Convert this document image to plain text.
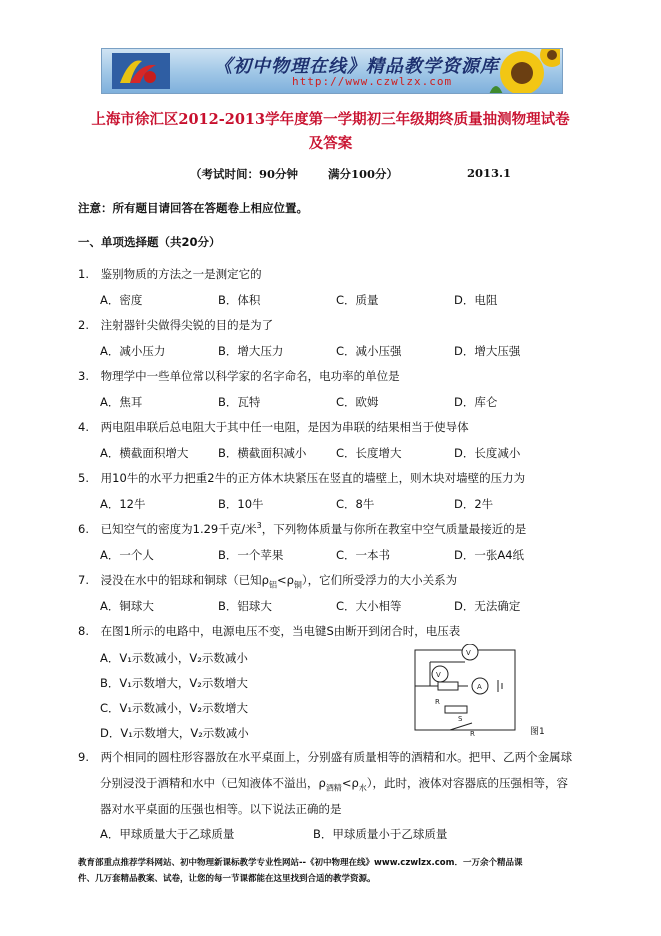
《初中物理在线》精品教学资源库
http://www.czwlzx.com
上海市徐汇区2012-2013学年度第一学期初三年级期终质量抽测物理试卷
及答案
（考试时间：90分钟	满分100分）	2013.1
注意：所有题目请回答在答题卷上相应位置。
一、单项选择题（共20分）
1. 鉴别物质的方法之一是测定它的
A．密度	B．体积	C．质量	D．电阻
2. 注射器针尖做得尖锐的目的是为了
A．减小压力	B．增大压力	C．减小压强	D．增大压强
3. 物理学中一些单位常以科学家的名字命名，电功率的单位是
A．焦耳	B．瓦特	C．欧姆	D．库仑
4. 两电阻串联后总电阻大于其中任一电阻，是因为串联的结果相当于使导体
A．横截面积增大	B．横截面积减小	C．长度增大	D．长度减小
5. 用10牛的水平力把重2牛的正方体木块紧压在竖直的墙壁上，则木块对墙壁的压力为
A．12牛	B．10牛	C．8牛	D．2牛
6. 已知空气的密度为1.29千克/米$^3$，下列物体质量与你所在教室中空气质量最接近的是
A．一个人	B．一个苹果	C．一本书	D．一张A4纸
7. 浸没在水中的铝球和铜球（已知$\rho_铝<\rho_铜$），它们所受浮力的大小关系为
A．铜球大	B．铝球大	C．大小相等	D．无法确定
8. 在图1所示的电路中，电源电压不变，当电键S由断开到闭合时，电压表
A．V₁示数减小，V₂示数减小
B．V₁示数增大，V₂示数增大
C．V₁示数减小，V₂示数增大
D．V₁示数增大，V₂示数减小
V
V
A
R
S
R	图1
9. 两个相同的圆柱形容器放在水平桌面上，分别盛有质量相等的酒精和水。把甲、乙两个金属球
分别浸没于酒精和水中（已知液体不溢出，$\rho_{酒精}<\rho_水$），此时，液体对容器底的压强相等，容
器对水平桌面的压强也相等。以下说法正确的是
A．甲球质量大于乙球质量	B．甲球质量小于乙球质量
教育部重点推荐学科网站、初中物理新课标教学专业性网站--《初中物理在线》www.czwlzx.com．一万余个精品课
件、几万套精品教案、试卷，让您的每一节课都能在这里找到合适的教学资源。
